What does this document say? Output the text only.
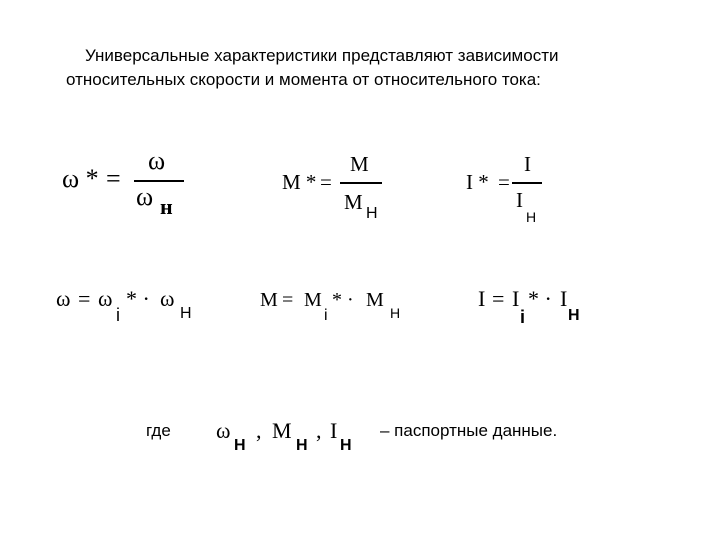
Универсальные характеристики представляют зависимости
относительных скорости и момента от относительного тока:
ω * =
ω
ω н
M * =
M
M Н
I * =
I
I
Н
ω = ω
i
* · ω
Н
M = M
i
* · M
Н
I = I
i
* · I
Н
где ω
Н
, M
Н
, I
Н
– паспортные данные.
